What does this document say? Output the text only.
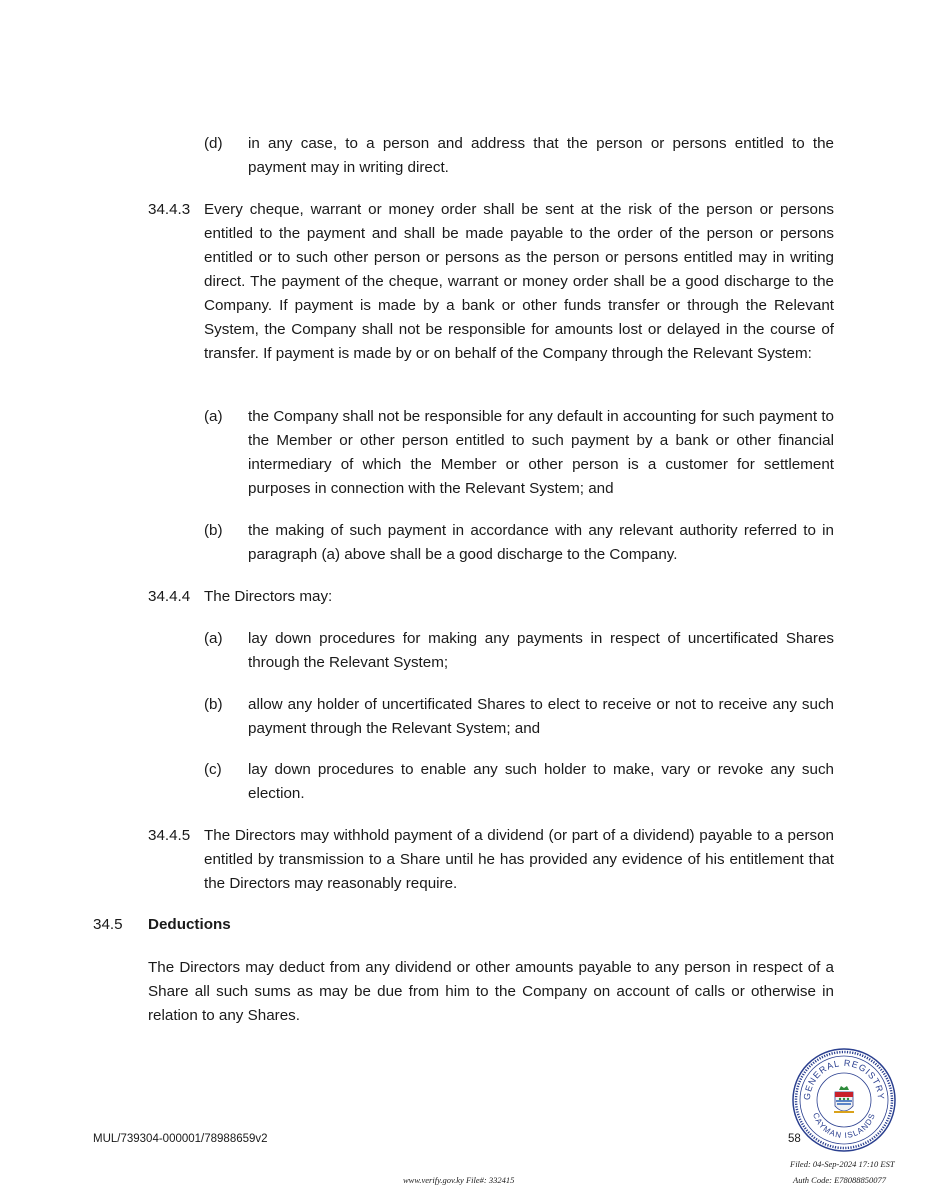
(d) in any case, to a person and address that the person or persons entitled to the payment may in writing direct.
34.4.3 Every cheque, warrant or money order shall be sent at the risk of the person or persons entitled to the payment and shall be made payable to the order of the person or persons entitled or to such other person or persons as the person or persons entitled may in writing direct. The payment of the cheque, warrant or money order shall be a good discharge to the Company. If payment is made by a bank or other funds transfer or through the Relevant System, the Company shall not be responsible for amounts lost or delayed in the course of transfer. If payment is made by or on behalf of the Company through the Relevant System:
(a) the Company shall not be responsible for any default in accounting for such payment to the Member or other person entitled to such payment by a bank or other financial intermediary of which the Member or other person is a customer for settlement purposes in connection with the Relevant System; and
(b) the making of such payment in accordance with any relevant authority referred to in paragraph (a) above shall be a good discharge to the Company.
34.4.4 The Directors may:
(a) lay down procedures for making any payments in respect of uncertificated Shares through the Relevant System;
(b) allow any holder of uncertificated Shares to elect to receive or not to receive any such payment through the Relevant System; and
(c) lay down procedures to enable any such holder to make, vary or revoke any such election.
34.4.5 The Directors may withhold payment of a dividend (or part of a dividend) payable to a person entitled by transmission to a Share until he has provided any evidence of his entitlement that the Directors may reasonably require.
34.5 Deductions
The Directors may deduct from any dividend or other amounts payable to any person in respect of a Share all such sums as may be due from him to the Company on account of calls or otherwise in relation to any Shares.
MUL/739304-000001/78988659v2	58
www.verify.gov.ky File#: 332415
Filed: 04-Sep-2024 17:10 EST
Auth Code: E78088850077
GENERAL REGISTRY
CAYMAN ISLANDS
